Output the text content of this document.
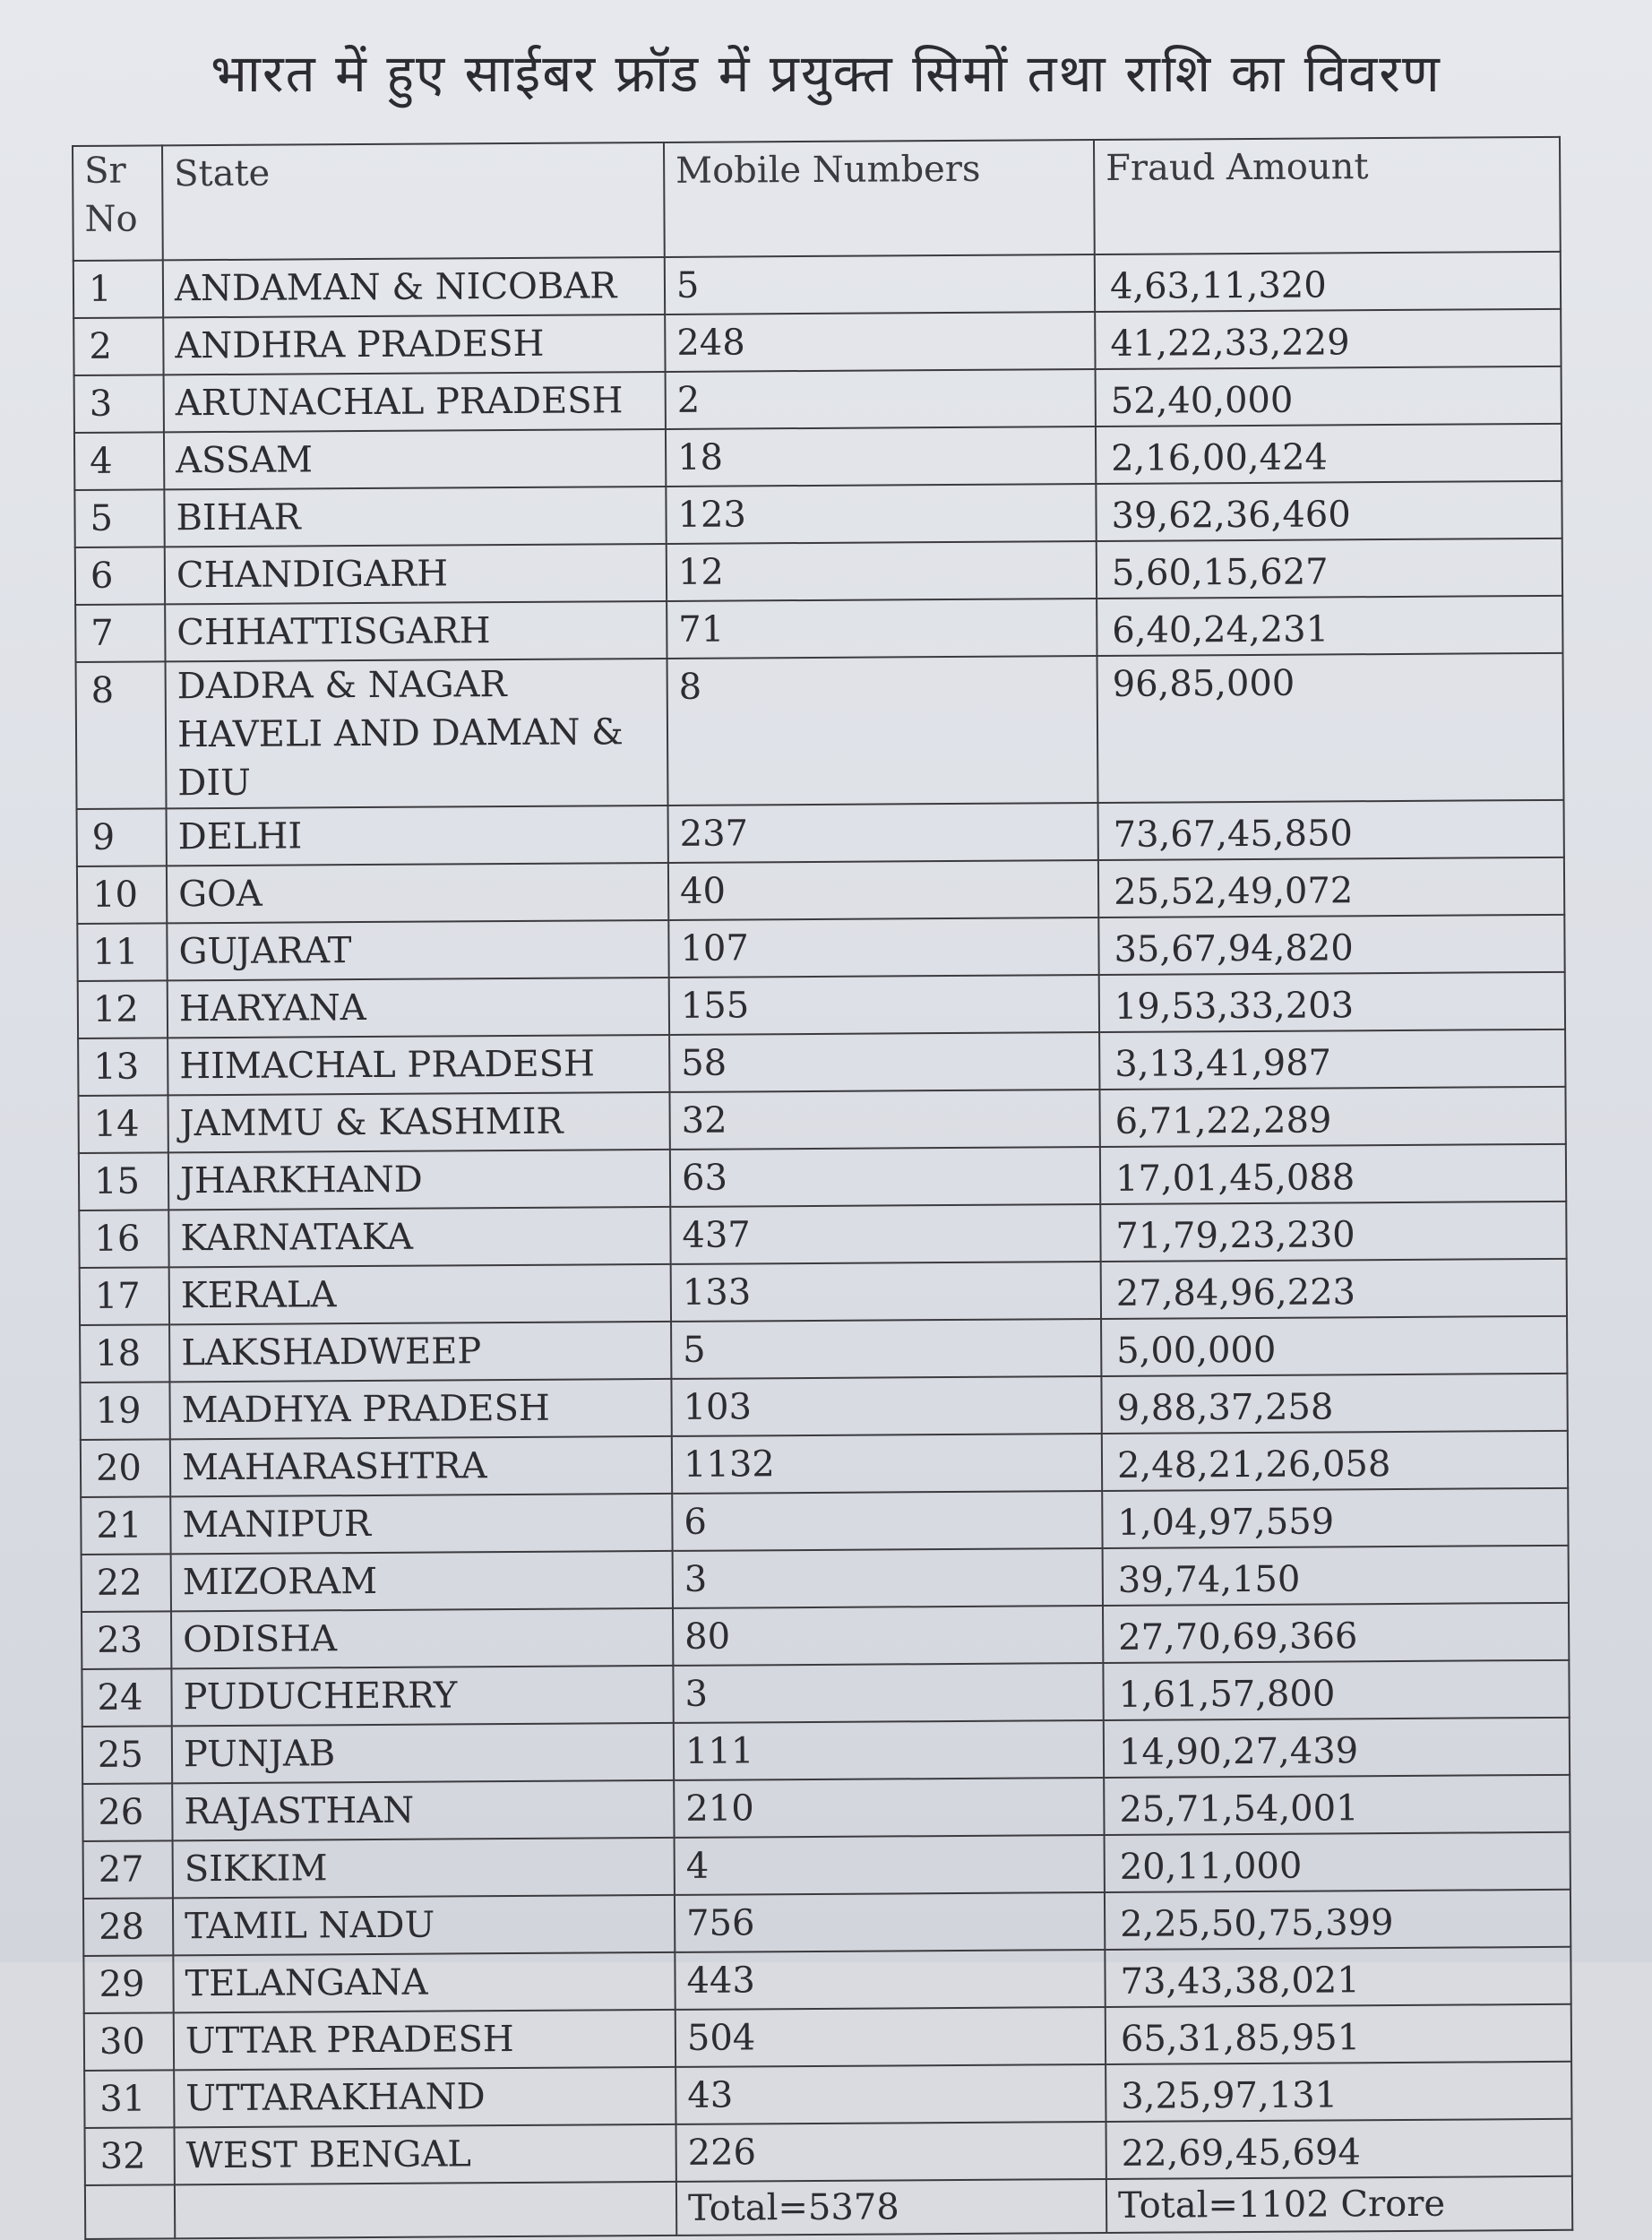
भारत में हुए साईबर फ्रॉड में प्रयुक्त सिमों तथा राशि का विवरण
Sr No	State	Mobile Numbers	Fraud Amount
1	ANDAMAN & NICOBAR	5	4,63,11,320
2	ANDHRA PRADESH	248	41,22,33,229
3	ARUNACHAL PRADESH	2	52,40,000
4	ASSAM	18	2,16,00,424
5	BIHAR	123	39,62,36,460
6	CHANDIGARH	12	5,60,15,627
7	CHHATTISGARH	71	6,40,24,231
8	DADRA & NAGAR HAVELI AND DAMAN & DIU	8	96,85,000
9	DELHI	237	73,67,45,850
10	GOA	40	25,52,49,072
11	GUJARAT	107	35,67,94,820
12	HARYANA	155	19,53,33,203
13	HIMACHAL PRADESH	58	3,13,41,987
14	JAMMU & KASHMIR	32	6,71,22,289
15	JHARKHAND	63	17,01,45,088
16	KARNATAKA	437	71,79,23,230
17	KERALA	133	27,84,96,223
18	LAKSHADWEEP	5	5,00,000
19	MADHYA PRADESH	103	9,88,37,258
20	MAHARASHTRA	1132	2,48,21,26,058
21	MANIPUR	6	1,04,97,559
22	MIZORAM	3	39,74,150
23	ODISHA	80	27,70,69,366
24	PUDUCHERRY	3	1,61,57,800
25	PUNJAB	111	14,90,27,439
26	RAJASTHAN	210	25,71,54,001
27	SIKKIM	4	20,11,000
28	TAMIL NADU	756	2,25,50,75,399
29	TELANGANA	443	73,43,38,021
30	UTTAR PRADESH	504	65,31,85,951
31	UTTARAKHAND	43	3,25,97,131
32	WEST BENGAL	226	22,69,45,694
		Total=5378	Total=1102 Crore
